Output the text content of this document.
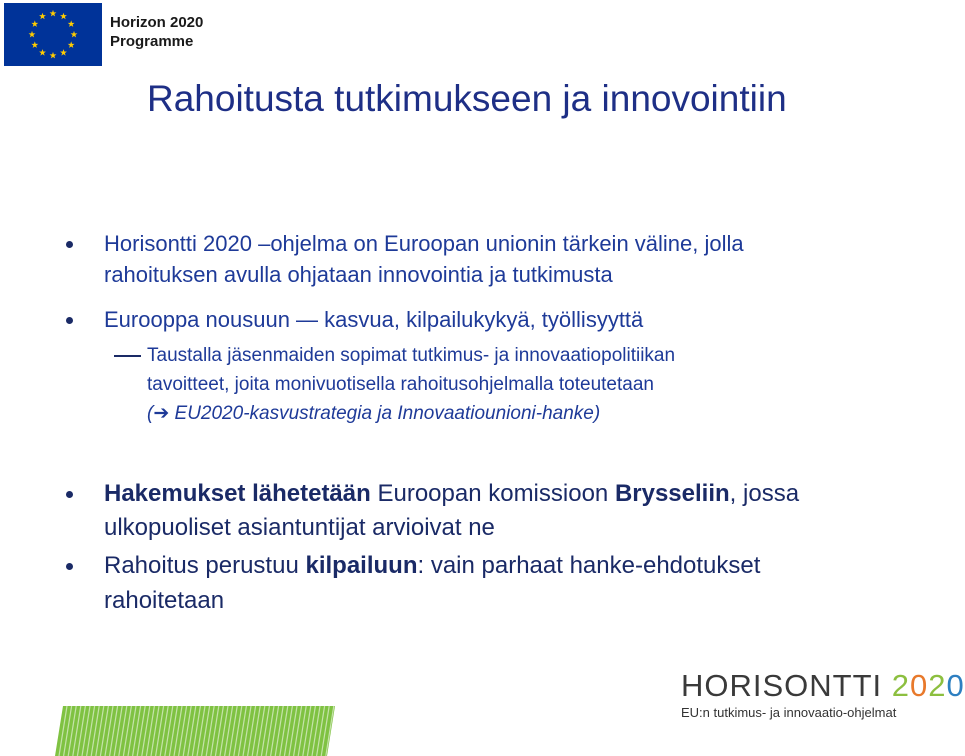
Horizon 2020
Programme
Rahoitusta tutkimukseen ja innovointiin
Horisontti 2020 –ohjelma on Euroopan unionin tärkein väline, jolla
rahoituksen avulla ohjataan innovointia ja tutkimusta
Eurooppa nousuun — kasvua, kilpailukykyä, työllisyyttä
Taustalla jäsenmaiden sopimat tutkimus- ja innovaatiopolitiikan
tavoitteet, joita monivuotisella rahoitusohjelmalla toteutetaan
(➔ EU2020-kasvustrategia ja Innovaatiounioni-hanke)
Hakemukset lähetetään Euroopan komissioon Brysseliin, jossa
ulkopuoliset asiantuntijat arvioivat ne
Rahoitus perustuu kilpailuun: vain parhaat hanke-ehdotukset
rahoitetaan
HORISONTTI 2020
EU:n tutkimus- ja innovaatio-ohjelmat
